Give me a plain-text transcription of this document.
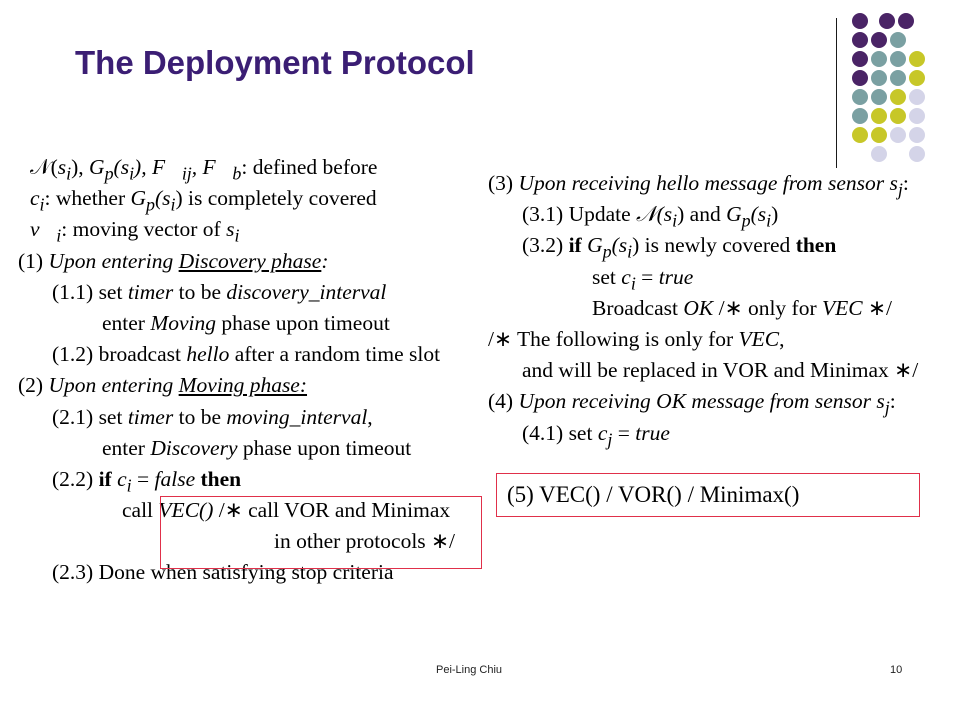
The Deployment Protocol
$𝒩(s_i)$, $G_p(s_i)$, $F⃗_{ij}$, $F⃗_b$: defined before
$c_i$: whether $G_p(s_i)$ is completely covered
$v⃗_i$: moving vector of $s_i$
(1) Upon entering Discovery phase:
(1.1) set timer to be discovery_interval
enter Moving phase upon timeout
(1.2) broadcast hello after a random time slot
(2) Upon entering Moving phase:
(2.1) set timer to be moving_interval,
enter Discovery phase upon timeout
(2.2) if $c_i$ = false then
call VEC() /∗ call VOR and Minimax
in other protocols ∗/
(2.3) Done when satisfying stop criteria
(3) Upon receiving hello message from sensor $s_j$:
(3.1) Update $𝒩(s_i)$ and $G_p(s_i)$
(3.2) if $G_p(s_i)$ is newly covered then
set $c_i$ = true
Broadcast OK /∗ only for VEC ∗/
/∗ The following is only for VEC,
and will be replaced in VOR and Minimax ∗/
(4) Upon receiving OK message from sensor $s_j$:
(4.1) set $c_j$ = true
(5) VEC() / VOR() / Minimax()
Pei-Ling Chiu	10
